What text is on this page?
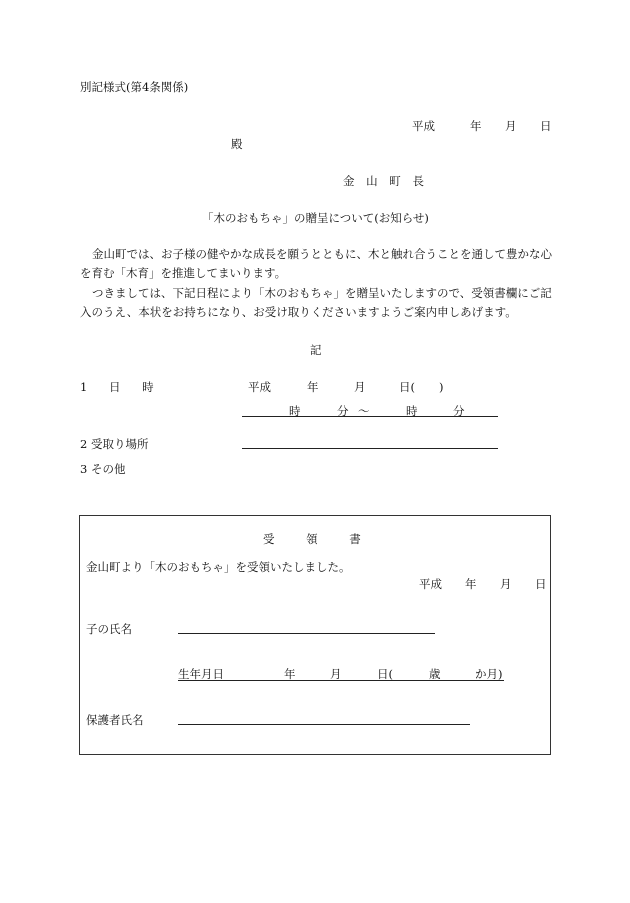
別記様式(第4条関係)
平成	年 月 日
殿
金 山 町 長
「木のおもちゃ」の贈呈について(お知らせ)
金山町では、お子様の健やかな成長を願うとともに、木と触れ合うことを通して豊かな心を育む「木育」を推進してまいります。
つきましては、下記日程により「木のおもちゃ」を贈呈いたしますので、受領書欄にご記入のうえ、本状をお持ちになり、お受け取りくださいますようご案内申しあげます。
記
1 日 時	平成	年	月	日( )
時	分 ～	時	分
2 受取り場所
3 その他
受 領 書
金山町より「木のおもちゃ」を受領いたしました。
平成 年 月 日
子の氏名
生年月日	年	月	日(	歳	か月)
保護者氏名
